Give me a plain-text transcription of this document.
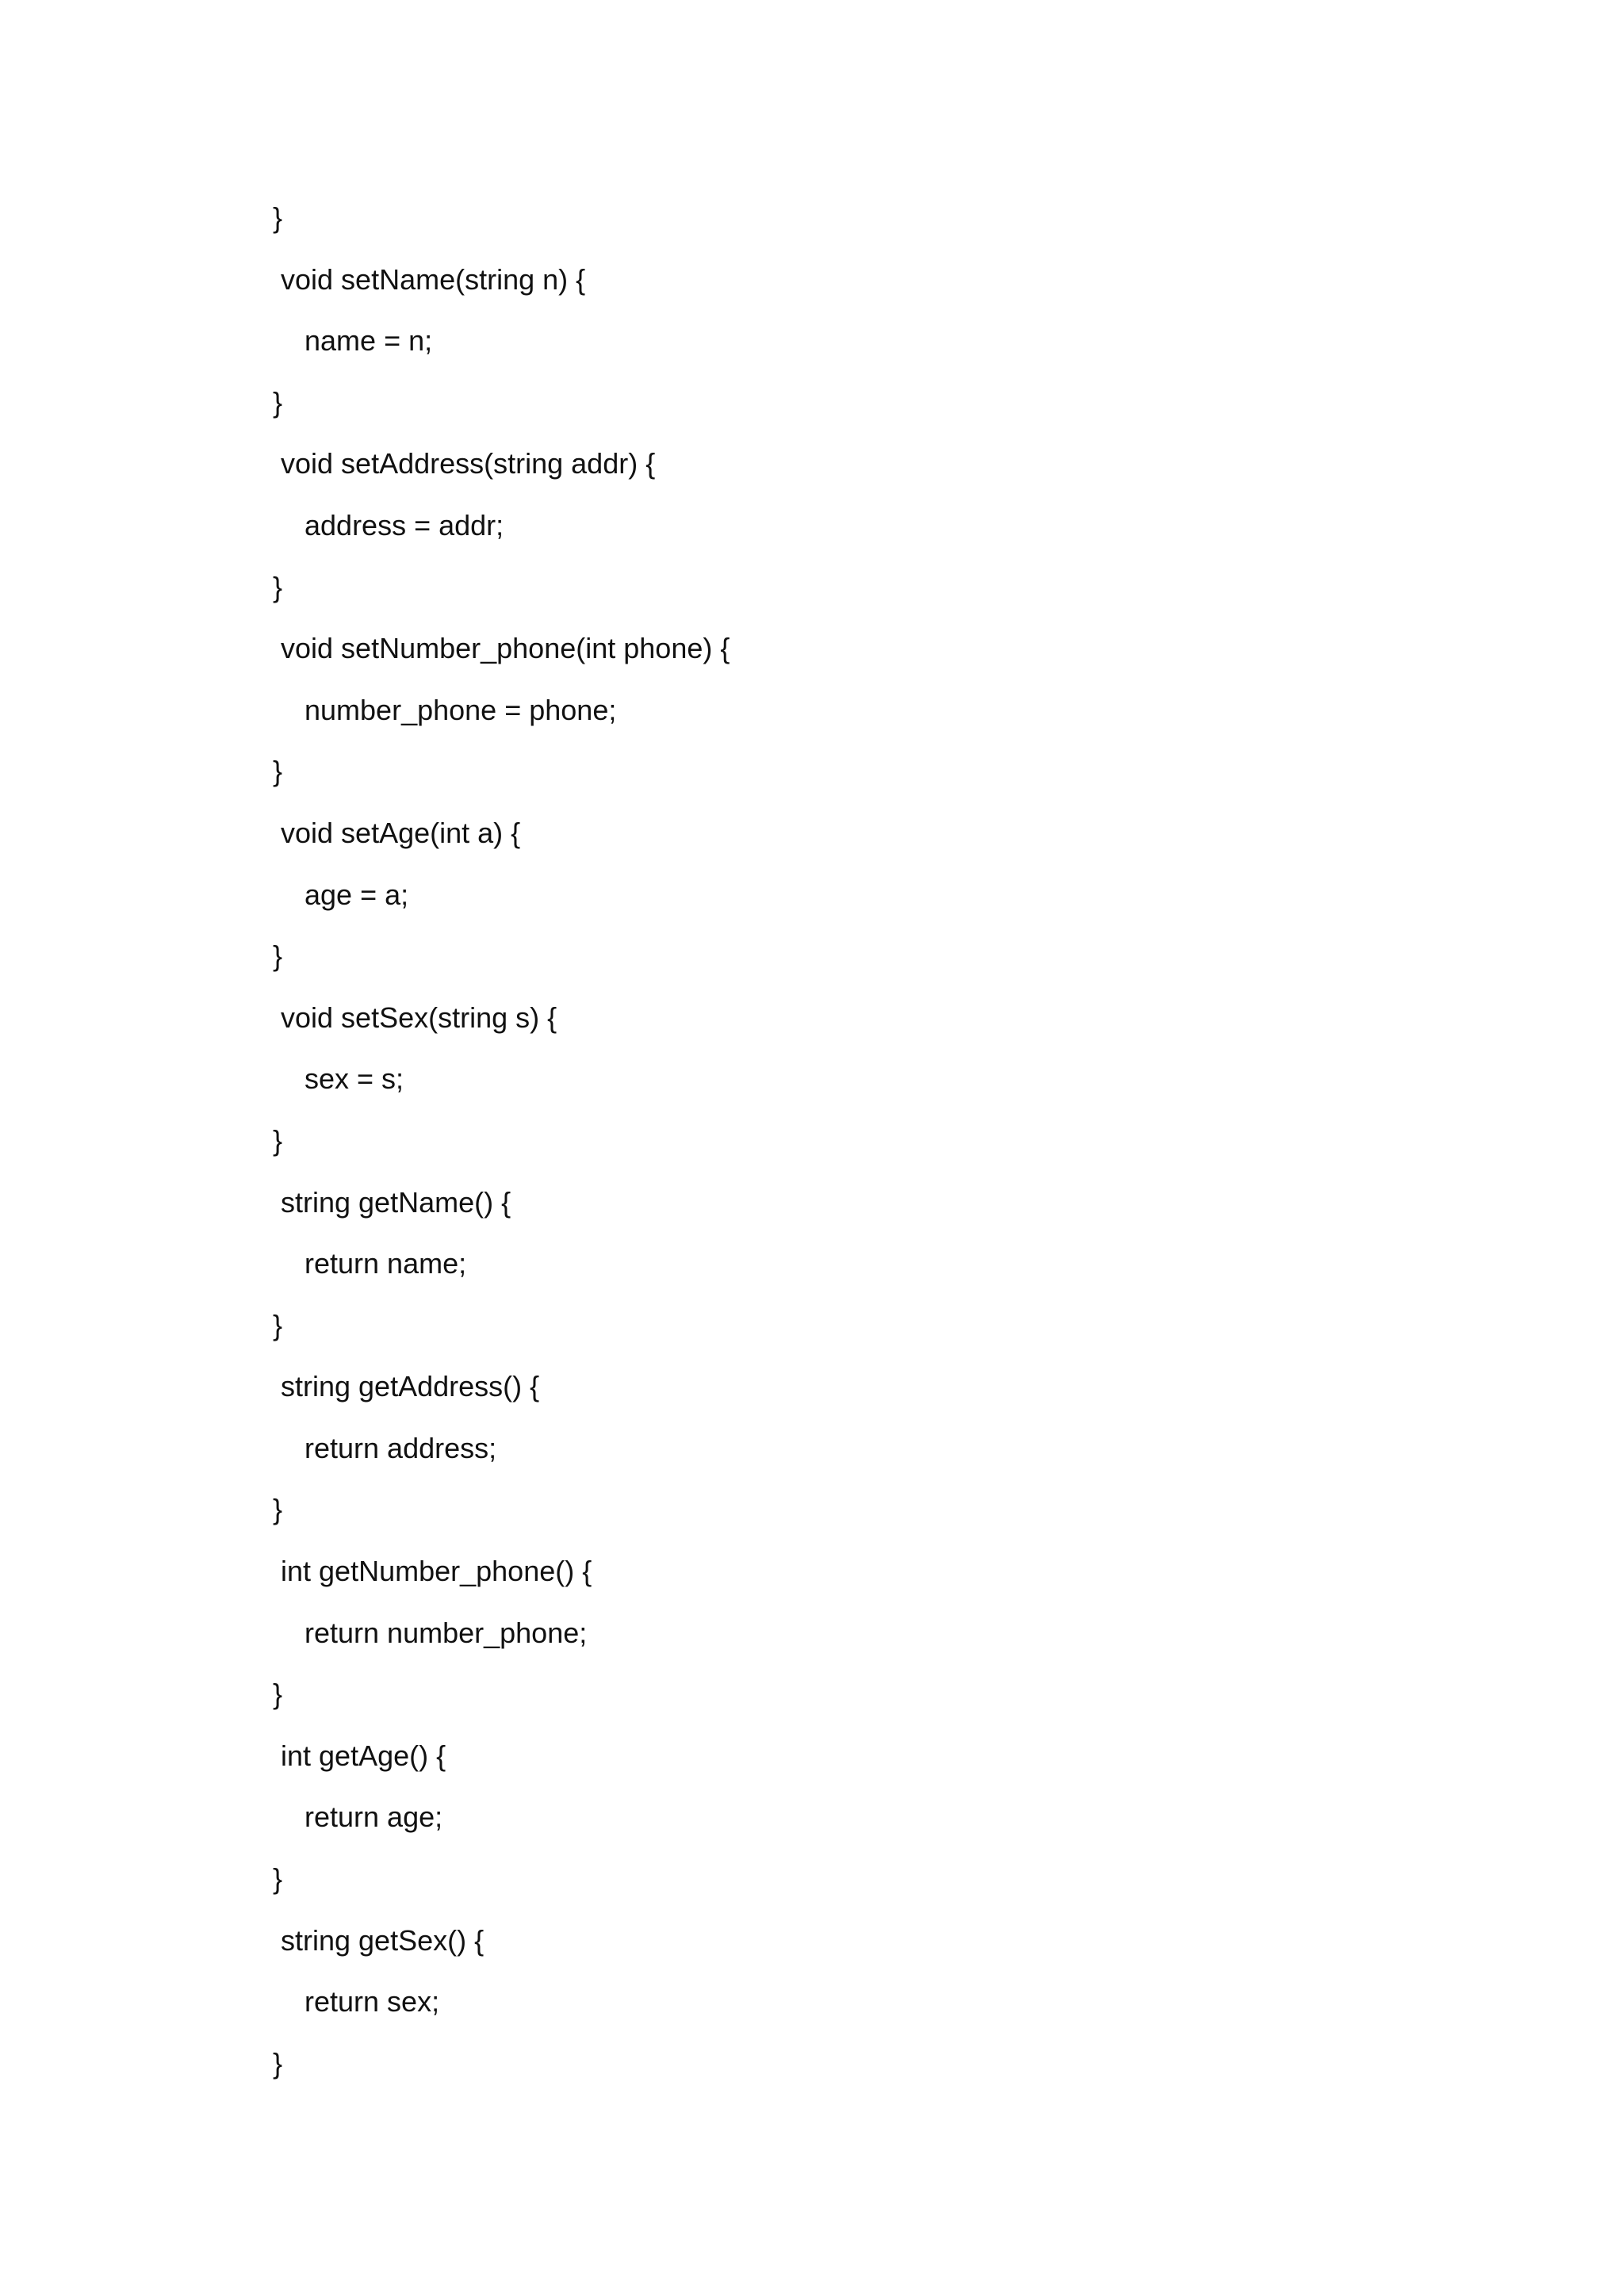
}
void setName(string n) {
name = n;
}
void setAddress(string addr) {
address = addr;
}
void setNumber_phone(int phone) {
number_phone = phone;
}
void setAge(int a) {
age = a;
}
void setSex(string s) {
sex = s;
}
string getName() {
return name;
}
string getAddress() {
return address;
}
int getNumber_phone() {
return number_phone;
}
int getAge() {
return age;
}
string getSex() {
return sex;
}
